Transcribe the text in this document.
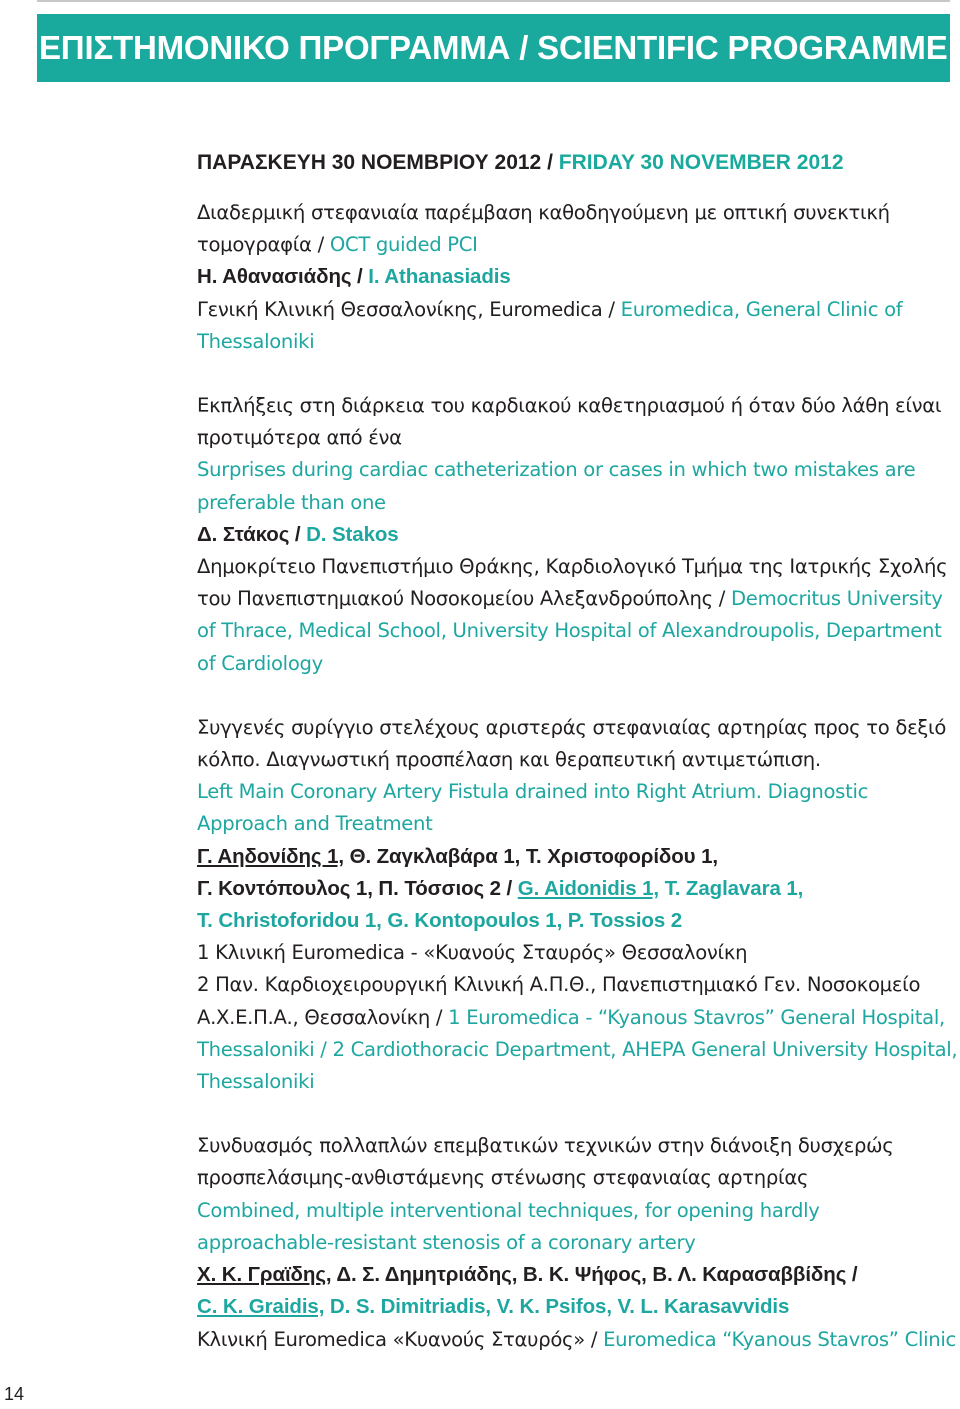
ΕΠΙΣΤΗΜΟΝΙΚΟ ΠΡΟΓΡΑΜΜΑ / SCIENTIFIC PROGRAMME
ΠΑΡΑΣΚΕΥΗ 30 ΝΟΕΜΒΡΙΟΥ 2012 / FRIDAY 30 NOVEMBER 2012
Διαδερμική στεφανιαία παρέμβαση καθοδηγούμενη με οπτική συνεκτική
τομογραφία / OCT guided PCI
Η. Αθανασιάδης / I. Athanasiadis
Γενική Κλινική Θεσσαλονίκης, Euromedica / Euromedica, General Clinic of
Thessaloniki
Εκπλήξεις στη διάρκεια του καρδιακού καθετηριασμού ή όταν δύο λάθη είναι
προτιμότερα από ένα
Surprises during cardiac catheterization or cases in which two mistakes are
preferable than one
Δ. Στάκος / D. Stakos
Δημοκρίτειο Πανεπιστήμιο Θράκης, Καρδιολογικό Τμήμα της Ιατρικής Σχολής
του Πανεπιστημιακού Νοσοκομείου Αλεξανδρούπολης / Democritus University
of Thrace, Medical School, University Hospital of Alexandroupolis, Department
of Cardiology
Συγγενές συρίγγιο στελέχους αριστεράς στεφανιαίας αρτηρίας προς το δεξιό
κόλπο. Διαγνωστική προσπέλαση και θεραπευτική αντιμετώπιση.
Left Main Coronary Artery Fistula drained into Right Atrium. Diagnostic
Approach and Treatment
Γ. Αηδονίδης 1, Θ. Ζαγκλαβάρα 1, Τ. Χριστοφορίδου 1,
Γ. Κοντόπουλος 1, Π. Τόσσιος 2 / G. Aidonidis 1, T. Zaglavara 1,
T. Christoforidou 1, G. Kontopoulos 1, P. Tossios 2
1 Κλινική Euromedica - «Κυανούς Σταυρός» Θεσσαλονίκη
2 Παν. Καρδιοχειρουργική Κλινική Α.Π.Θ., Πανεπιστημιακό Γεν. Νοσοκομείο
Α.Χ.Ε.Π.Α., Θεσσαλονίκη / 1 Euromedica - “Kyanous Stavros” General Hospital,
Thessaloniki / 2 Cardiothoracic Department, AHEPA General University Hospital,
Thessaloniki
Συνδυασμός πολλαπλών επεμβατικών τεχνικών στην διάνοιξη δυσχερώς
προσπελάσιμης-ανθιστάμενης στένωσης στεφανιαίας αρτηρίας
Combined, multiple interventional techniques, for opening hardly
approachable-resistant stenosis of a coronary artery
Χ. Κ. Γραϊδης, Δ. Σ. Δημητριάδης, Β. Κ. Ψήφος, Β. Λ. Καρασαββίδης /
C. K. Graidis, D. S. Dimitriadis, V. K. Psifos, V. L. Karasavvidis
Κλινική Euromedica «Κυανούς Σταυρός» / Euromedica “Kyanous Stavros” Clinic
14
